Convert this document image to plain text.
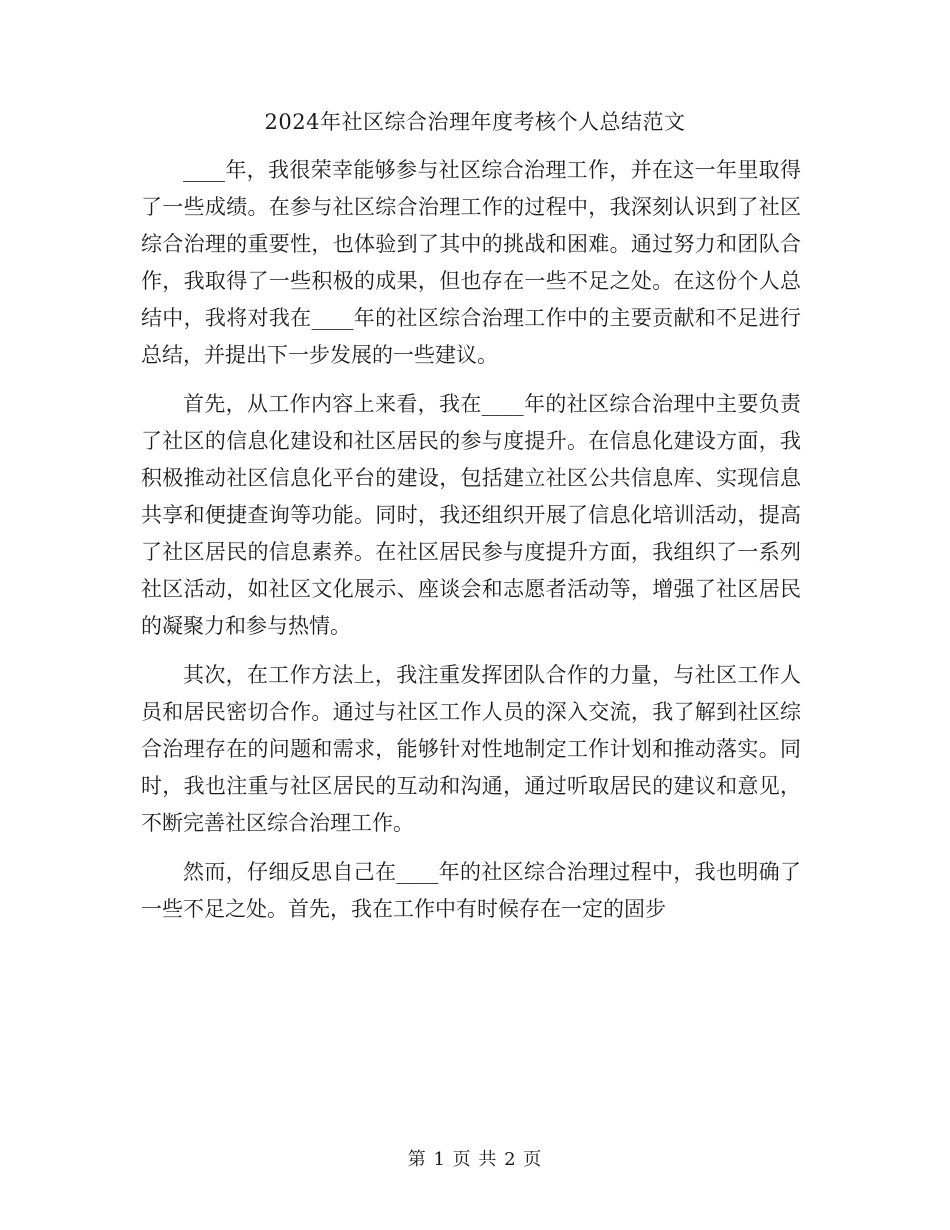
2024年社区综合治理年度考核个人总结范文

____年，我很荣幸能够参与社区综合治理工作，并在这一年里取得了一些成绩。在参与社区综合治理工作的过程中，我深刻认识到了社区综合治理的重要性，也体验到了其中的挑战和困难。通过努力和团队合作，我取得了一些积极的成果，但也存在一些不足之处。在这份个人总结中，我将对我在____年的社区综合治理工作中的主要贡献和不足进行总结，并提出下一步发展的一些建议。

首先，从工作内容上来看，我在____年的社区综合治理中主要负责了社区的信息化建设和社区居民的参与度提升。在信息化建设方面，我积极推动社区信息化平台的建设，包括建立社区公共信息库、实现信息共享和便捷查询等功能。同时，我还组织开展了信息化培训活动，提高了社区居民的信息素养。在社区居民参与度提升方面，我组织了一系列社区活动，如社区文化展示、座谈会和志愿者活动等，增强了社区居民的凝聚力和参与热情。

其次，在工作方法上，我注重发挥团队合作的力量，与社区工作人员和居民密切合作。通过与社区工作人员的深入交流，我了解到社区综合治理存在的问题和需求，能够针对性地制定工作计划和推动落实。同时，我也注重与社区居民的互动和沟通，通过听取居民的建议和意见，不断完善社区综合治理工作。

然而，仔细反思自己在____年的社区综合治理过程中，我也明确了一些不足之处。首先，我在工作中有时候存在一定的固步

第 1 页 共 2 页
